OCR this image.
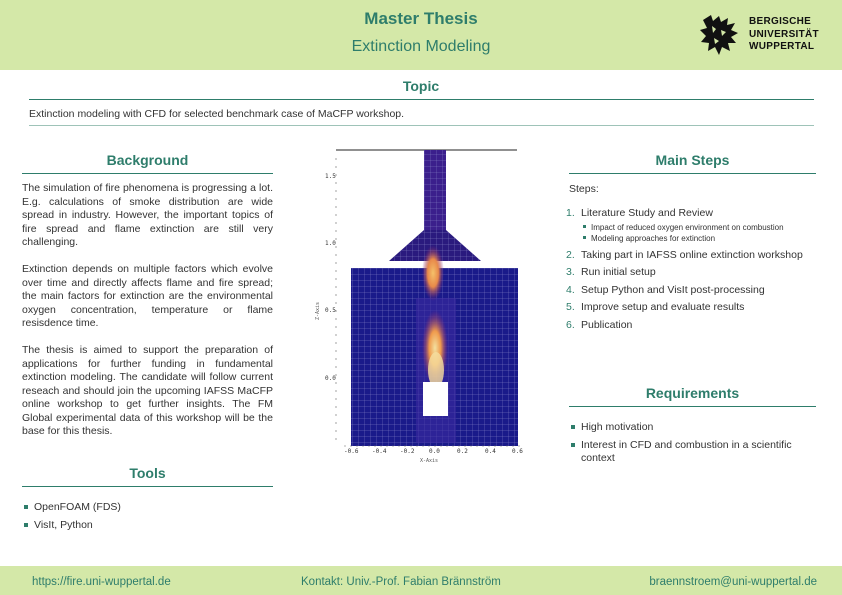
Master Thesis
Extinction Modeling
BERGISCHE
UNIVERSITÄT
WUPPERTAL
Topic
Extinction modeling with CFD for selected benchmark case of MaCFP workshop.
Background
The simulation of fire phenomena is progressing a lot. E.g. calculations of smoke distribution are wide spread in industry. However, the important topics of fire spread and flame extinction are still very challenging.
Extinction depends on multiple factors which evolve over time and directly affects flame and fire spread; the main factors for extinction are the environmental oxygen concentration, temperature or flame resisdence time.
The thesis is aimed to support the preparation of applications for further funding in fundamental extinction modeling. The candidate will follow current reseach and should join the upcoming IAFSS MaCFP online workshop to get further insights. The FM Global experimental data of this workshop will be the base for this thesis.
Tools
OpenFOAM (FDS)
VisIt, Python
1.5
1.0
0.5
0.0
Z-Axis
-0.6 -0.4 -0.2 0.0	0.2	0.4	0.6
X-Axis
Main Steps
Steps:
1. Literature Study and Review
Impact of reduced oxygen environment on combustion
Modeling approaches for extinction
2. Taking part in IAFSS online extinction workshop
3. Run initial setup
4. Setup Python and VisIt post-processing
5. Improve setup and evaluate results
6. Publication
Requirements
High motivation
Interest in CFD and combustion in a scientific context
https://fire.uni-wuppertal.de	Kontakt: Univ.-Prof. Fabian Brännström	braennstroem@uni-wuppertal.de
